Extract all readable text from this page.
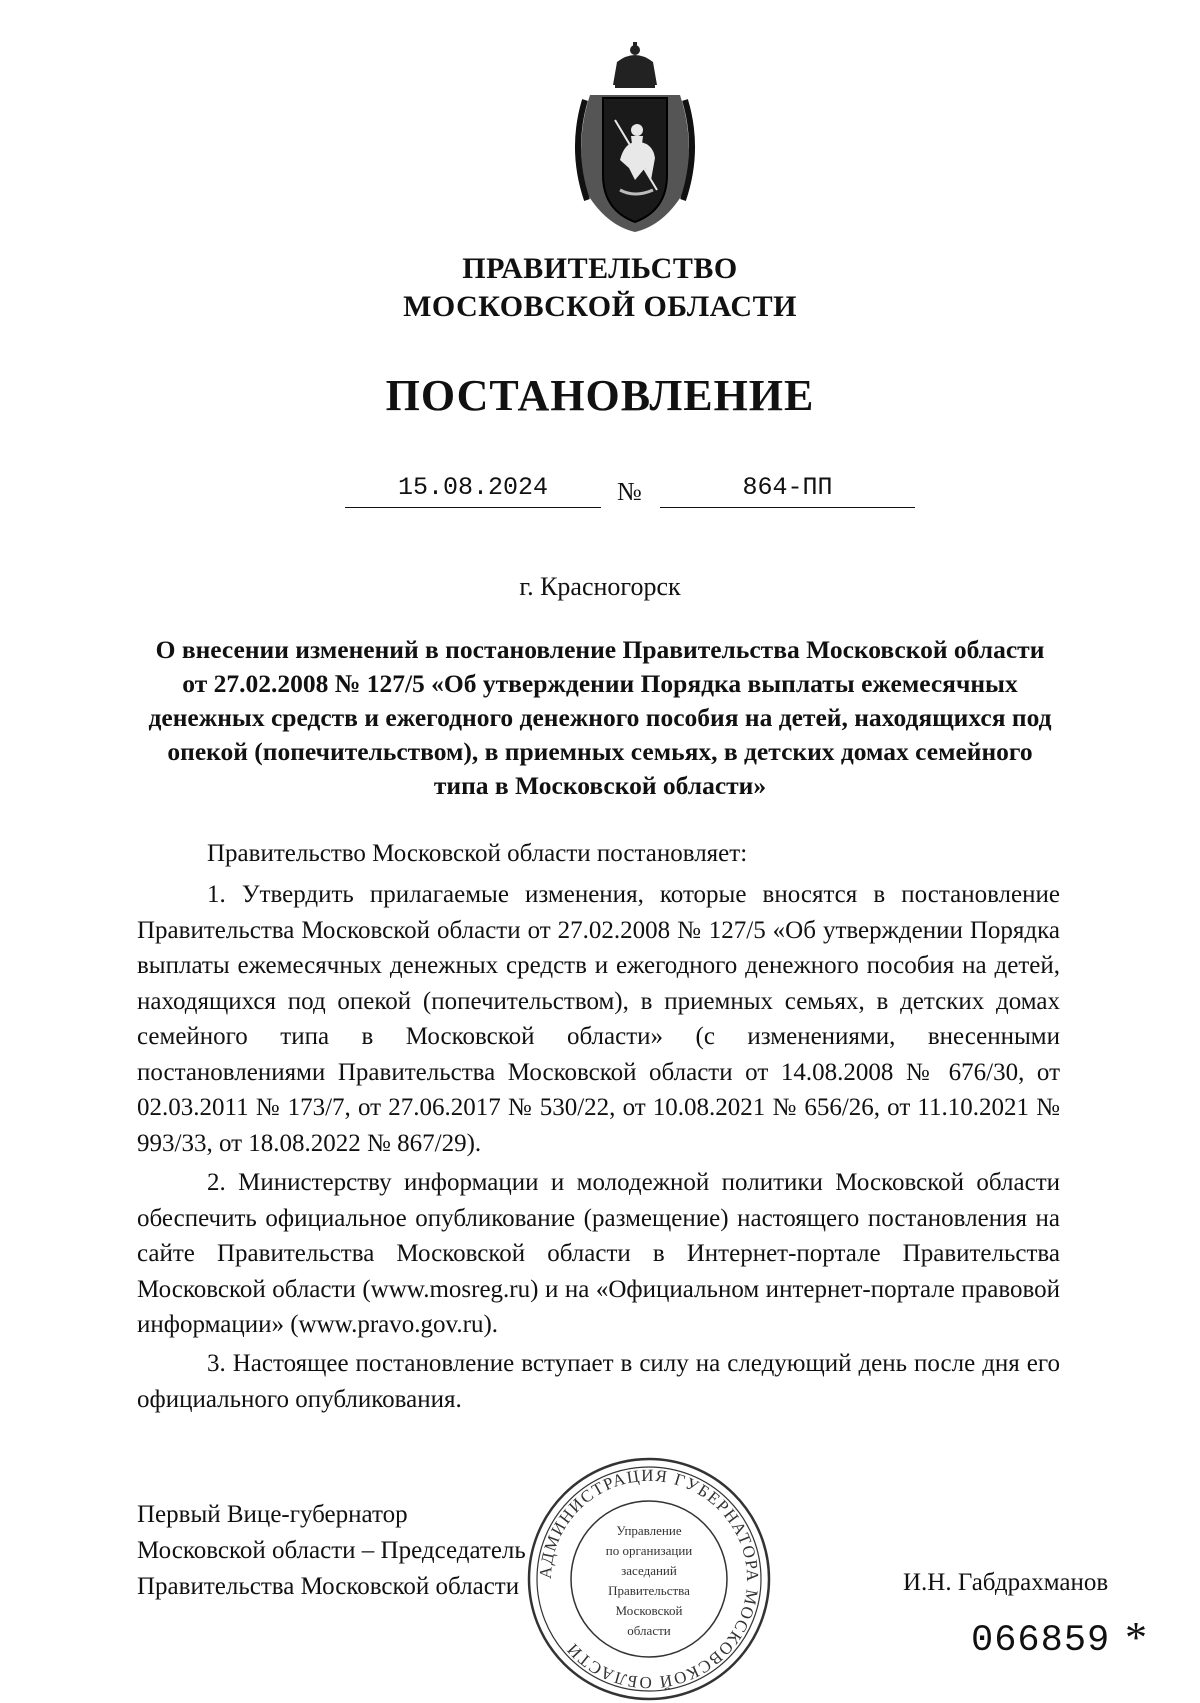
ПРАВИТЕЛЬСТВО
МОСКОВСКОЙ ОБЛАСТИ
ПОСТАНОВЛЕНИЕ
15.08.2024	№	864-ПП
г. Красногорск
О внесении изменений в постановление Правительства Московской области от 27.02.2008 № 127/5 «Об утверждении Порядка выплаты ежемесячных денежных средств и ежегодного денежного пособия на детей, находящихся под опекой (попечительством), в приемных семьях, в детских домах семейного типа в Московской области»
Правительство Московской области постановляет:

1. Утвердить прилагаемые изменения, которые вносятся в постановление Правительства Московской области от 27.02.2008 № 127/5 «Об утверждении Порядка выплаты ежемесячных денежных средств и ежегодного денежного пособия на детей, находящихся под опекой (попечительством), в приемных семьях, в детских домах семейного типа в Московской области» (с изменениями, внесенными постановлениями Правительства Московской области от 14.08.2008 № 676/30, от 02.03.2011 № 173/7, от 27.06.2017 № 530/22, от 10.08.2021 № 656/26, от 11.10.2021 № 993/33, от 18.08.2022 № 867/29).

2. Министерству информации и молодежной политики Московской области обеспечить официальное опубликование (размещение) настоящего постановления на сайте Правительства Московской области в Интернет-портале Правительства Московской области (www.mosreg.ru) и на «Официальном интернет-портале правовой информации» (www.pravo.gov.ru).

3. Настоящее постановление вступает в силу на следующий день после дня его официального опубликования.

Первый Вице-губернатор
Московской области – Председатель
Правительства Московской области
АДМИНИСТРАЦИЯ ГУБЕРНАТОРА МОСКОВСКОЙ ОБЛАСТИ
Управление
по организации
заседаний
Правительства
Московской
области
И.Н. Габдрахманов
066859 *
